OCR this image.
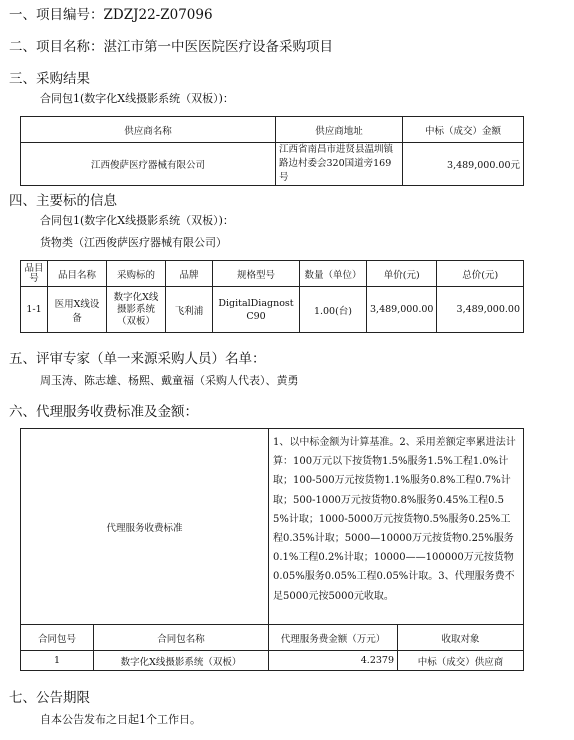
一、项目编号：ZDZJ22-Z07096
二、项目名称：湛江市第一中医医院医疗设备采购项目
三、采购结果
合同包1(数字化X线摄影系统（双板）)：
供应商名称	供应商地址	中标（成交）金额
江西俊萨医疗器械有限公司	江西省南昌市进贤县温圳镇路边村委会320国道旁169号	3,489,000.00元
四、主要标的信息
合同包1(数字化X线摄影系统（双板）)：
货物类（江西俊萨医疗器械有限公司）
品目号	品目名称	采购标的	品牌	规格型号	数量（单位）	单价(元)	总价(元)
1-1	医用X线设备	数字化X线摄影系统（双板）	飞利浦	DigitalDiagnost C90	1.00(台)	3,489,000.00	3,489,000.00
五、评审专家（单一来源采购人员）名单：
周玉涛、陈志雄、杨熙、戴童福（采购人代表）、黄勇
六、代理服务收费标准及金额：
代理服务收费标准		1、以中标金额为计算基准。2、采用差额定率累进法计算：100万元以下按货物1.5%服务1.5%工程1.0%计取；100-500万元按货物1.1%服务0.8%工程0.7%计取；500-1000万元按货物0.8%服务0.45%工程0.55%计取；1000-5000万元按货物0.5%服务0.25%工程0.35%计取；5000—10000万元按货物0.25%服务0.1%工程0.2%计取；10000——100000万元按货物0.05%服务0.05%工程0.05%计取。3、代理服务费不足5000元按5000元收取。	
合同包号	合同包名称	代理服务费金额（万元）	收取对象
1	数字化X线摄影系统（双板）	4.2379	中标（成交）供应商
七、公告期限
自本公告发布之日起1个工作日。
